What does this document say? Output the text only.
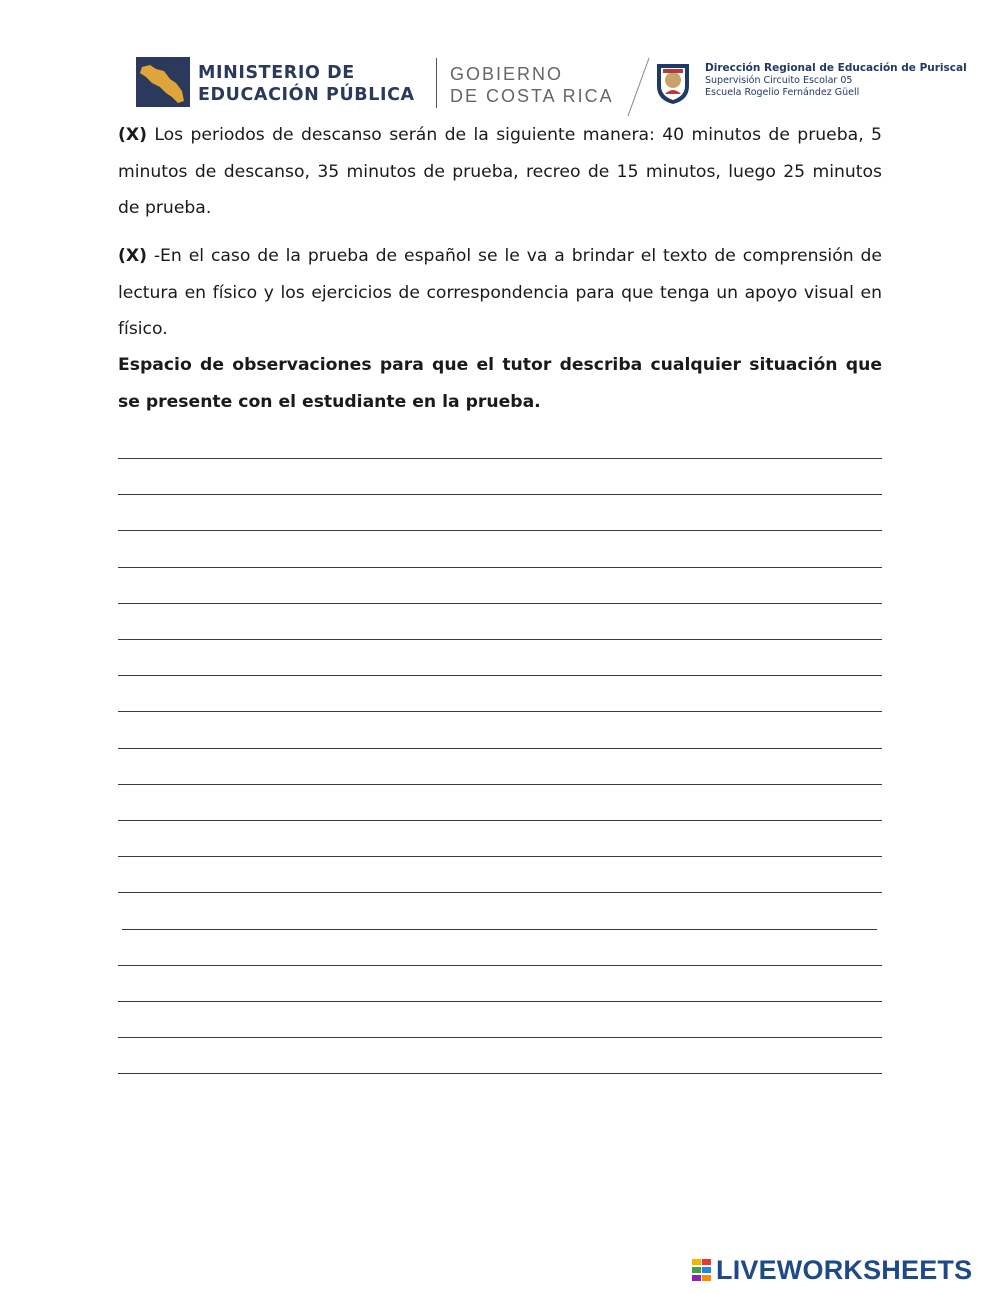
MINISTERIO DE
EDUCACIÓN PÚBLICA
GOBIERNO
DE COSTA RICA
Dirección Regional de Educación de Puriscal
Supervisión Circuito Escolar 05
Escuela Rogelio Fernández Güell
(X) Los periodos de descanso serán de la siguiente manera: 40 minutos de prueba, 5 minutos de descanso, 35 minutos de prueba, recreo de 15 minutos, luego 25 minutos de prueba.
(X) -En el caso de la prueba de español se le va a brindar el texto de comprensión de lectura en físico y los ejercicios de correspondencia para que tenga un apoyo visual en físico.
Espacio de observaciones para que el tutor describa cualquier situación que se presente con el estudiante en la prueba.
LIVEWORKSHEETS
